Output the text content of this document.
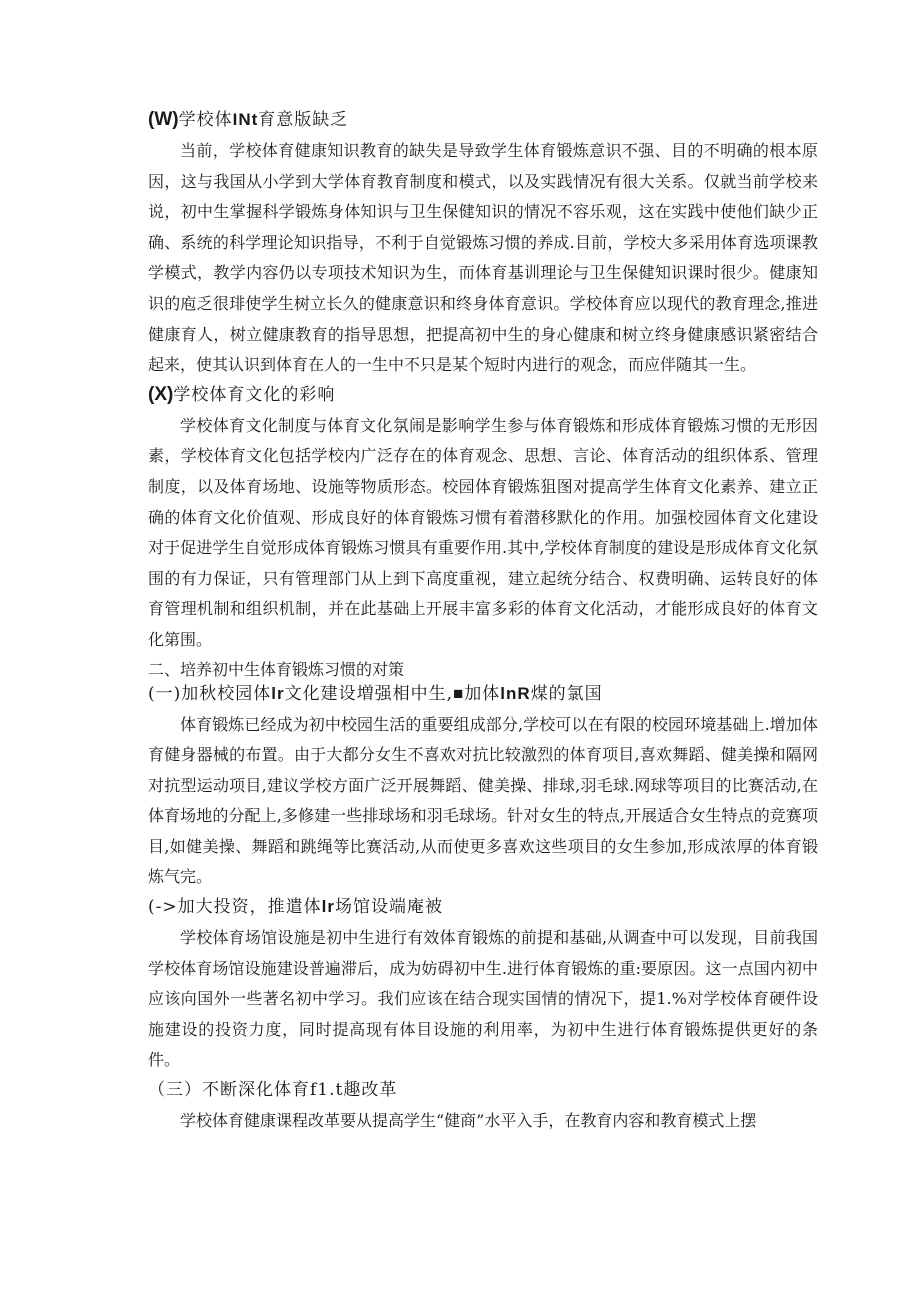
(W)学校体INt育意版缺乏

当前，学校体育健康知识教育的缺失是导致学生体育锻炼意识不强、目的不明确的根本原因，这与我国从小学到大学体育教育制度和模式，以及实践情况有很大关系。仅就当前学校来说，初中生掌握科学锻炼身体知识与卫生保健知识的情况不容乐观，这在实践中使他们缺少正确、系统的科学理论知识指导，不利于自觉锻炼习惯的养成.目前，学校大多采用体育选项课教学模式，教学内容仍以专项技术知识为生，而体育基训理论与卫生保健知识课时很少。健康知识的庖乏很琲使学生树立长久的健康意识和终身体育意识。学校体育应以现代的教育理念,推进健康育人，树立健康教育的指导思想，把提高初中生的身心健康和树立终身健康感识紧密结合起来，使其认识到体育在人的一生中不只是某个短时内进行的观念，而应伴随其一生。

(X)学校体育文化的彩响

学校体育文化制度与体育文化氛闹是影响学生参与体育锻炼和形成体育锻炼习惯的无形因素，学校体育文化包括学校内广泛存在的体育观念、思想、言论、体育活动的组织体系、管理制度，以及体育场地、设施等物质形态。校园体育锻炼狙图对提高学生体育文化素养、建立正确的体育文化价值观、形成良好的体育锻炼习惯有着潜移默化的作用。加强校园体育文化建设对于促进学生自觉形成体育锻炼习惯具有重要作用.其中,学校体育制度的建设是形成体育文化氛围的有力保证，只有管理部门从上到下高度重视，建立起统分结合、权费明确、运转良好的体育管理机制和组织机制，并在此基础上开展丰富多彩的体育文化活动，才能形成良好的体育文化第围。

二、培养初中生体育锻炼习惯的对策
(一)加秋校园体lr文化建设増强相中生,■加体lnR煤的氯国

体育锻炼已经成为初中校园生活的重要组成部分,学校可以在有限的校园环境基础上.增加体育健身器械的布置。由于大都分女生不喜欢对抗比较激烈的体育项目,喜欢舞蹈、健美操和隔网对抗型运动项目,建议学校方面广泛开展舞蹈、健美操、排球,羽毛球.网球等项目的比赛活动,在体育场地的分配上,多修建一些排球场和羽毛球场。针对女生的特点,开展适合女生特点的竞赛项目,如健美操、舞蹈和跳绳等比赛活动,从而使更多喜欢这些项目的女生参加,形成浓厚的体育锻炼气完。

(->加大投资，推遣体lr场馆设端庵被

学校体育场馆设施是初中生进行有效体育锻炼的前提和基础,从调查中可以发现，目前我国学校体育场馆设施建设普遍滞后，成为妨碍初中生.进行体育锻炼的重:要原因。这一点国内初中应该向国外一些著名初中学习。我们应该在结合现实国情的情况下，提1.%对学校体育硬件设施建设的投资力度，同时提高现有体目设施的利用率，为初中生进行体育锻炼提供更好的条件。

（三）不断深化体育f1.t趣改革

学校体育健康课程改革要从提高学生“健商”水平入手，在教育内容和教育模式上摆
